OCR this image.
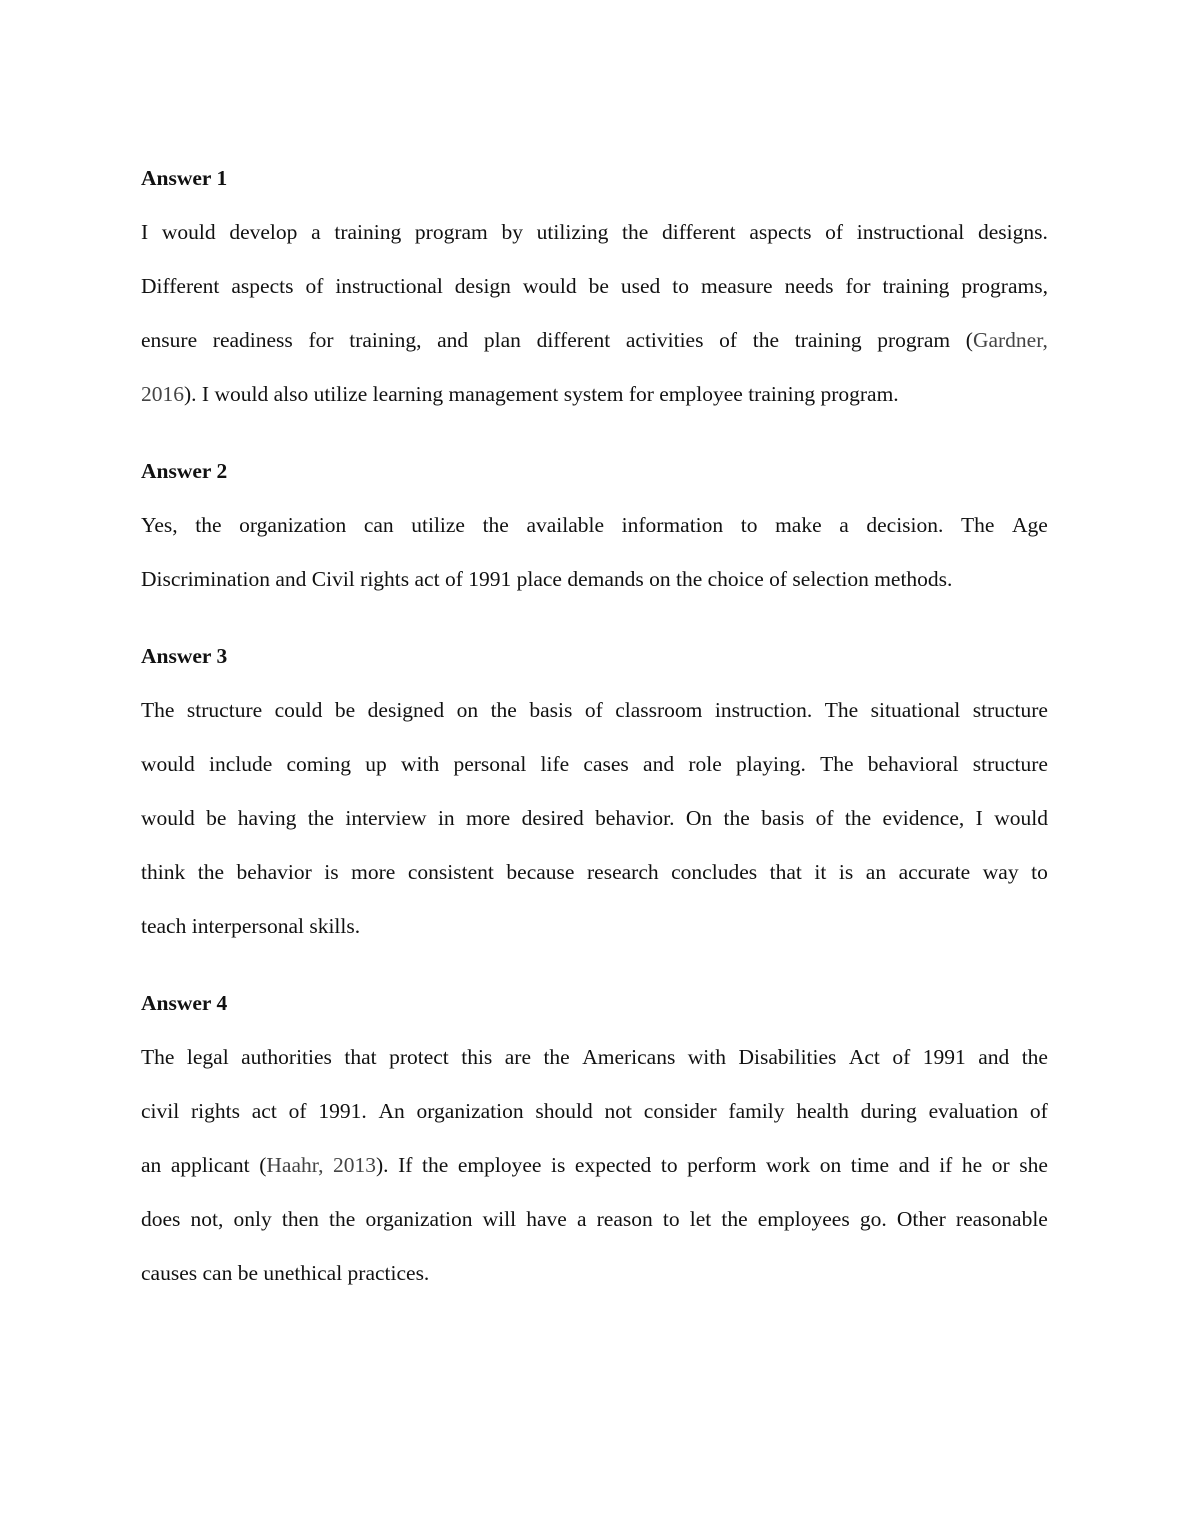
Answer 1
I would develop a training program by utilizing the different aspects of instructional designs.
Different aspects of instructional design would be used to measure needs for training programs,
ensure readiness for training, and plan different activities of the training program (Gardner,
2016 ). I would also utilize learning management system for employee training program.
Answer 2
Yes, the organization can utilize the available information to make a decision. The Age
Discrimination and Civil rights act of 1991 place demands on the choice of selection methods.
Answer 3
The structure could be designed on the basis of classroom instruction. The situational structure
would include coming up with personal life cases and role playing. The behavioral structure
would be having the interview in more desired behavior. On the basis of the evidence, I would
think the behavior is more consistent because research concludes that it is an accurate way to
teach interpersonal skills.
Answer 4
The legal authorities that protect this are the Americans with Disabilities Act of 1991 and the
civil rights act of 1991. An organization should not consider family health during evaluation of
an applicant (Haahr, 2013). If the employee is expected to perform work on time and if he or she
does not, only then the organization will have a reason to let the employees go. Other reasonable
causes can be unethical practices.
